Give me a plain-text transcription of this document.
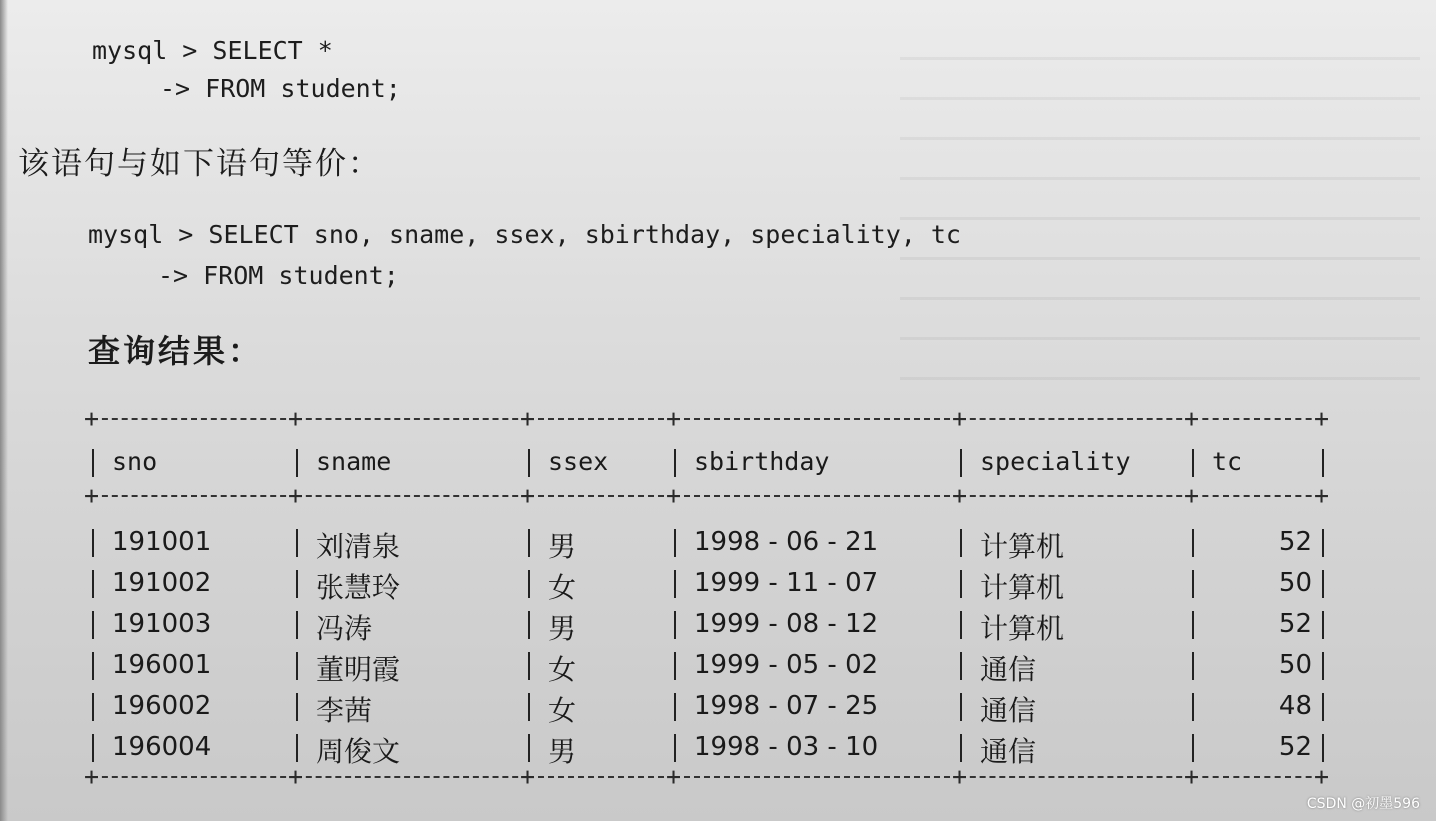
mysql > SELECT *
-> FROM student;
该语句与如下语句等价：
mysql > SELECT sno, sname, ssex, sbirthday, speciality, tc
-> FROM student;
查询结果：
+	+	+	+	+	+	+
+	+	+	+	+	+	+
+	+	+	+	+	+	+
sno	sname	ssex	sbirthday	speciality	tc
191001	刘清泉	男	1998 - 06 - 21	计算机	52
191002	张慧玲	女	1999 - 11 - 07	计算机	50
191003	冯涛	男	1999 - 08 - 12	计算机	52
196001	董明霞	女	1999 - 05 - 02	通信	50
196002	李茜	女	1998 - 07 - 25	通信	48
196004	周俊文	男	1998 - 03 - 10	通信	52
CSDN @初墨596
